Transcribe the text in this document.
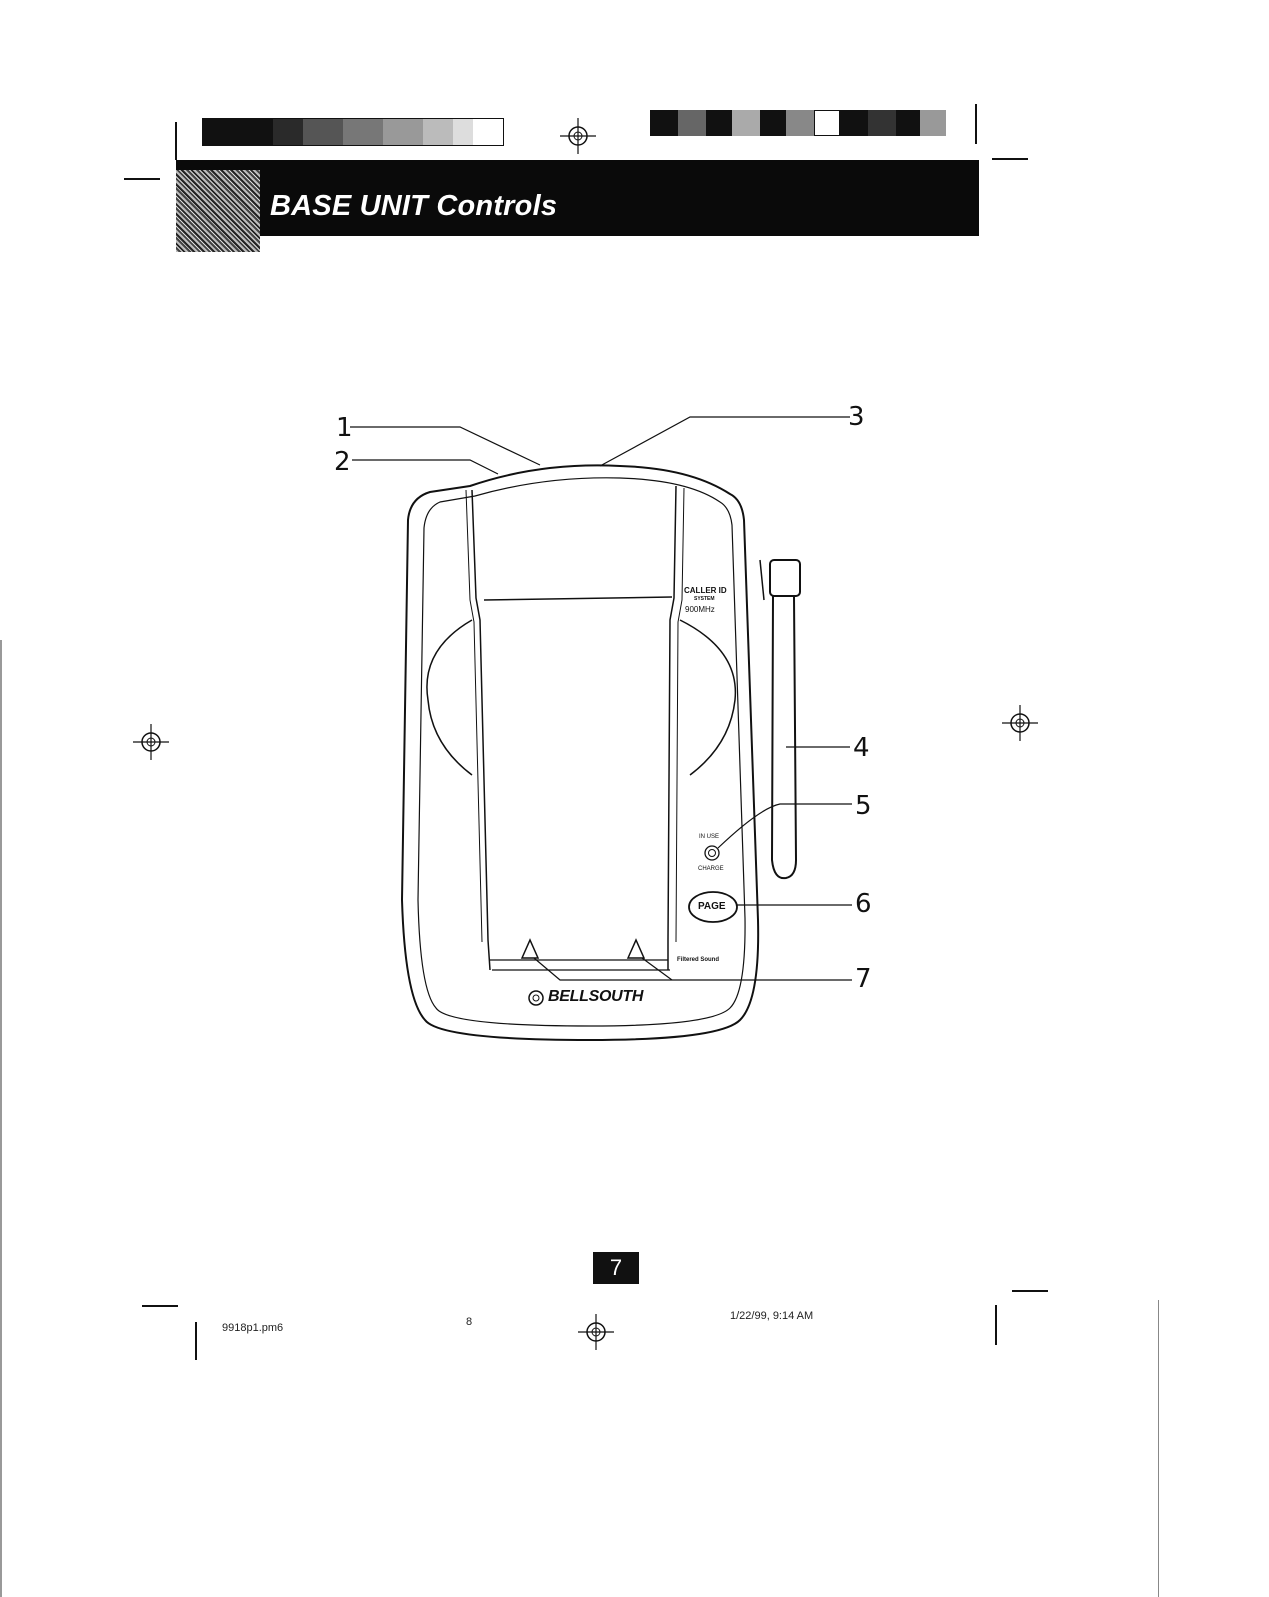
BASE UNIT Controls
CALLER ID
SYSTEM
900MHz
IN USE
CHARGE
PAGE
Filtered Sound
BELLSOUTH
1
2
3
4
5
6
7
7
9918p1.pm6	8	1/22/99, 9:14 AM
